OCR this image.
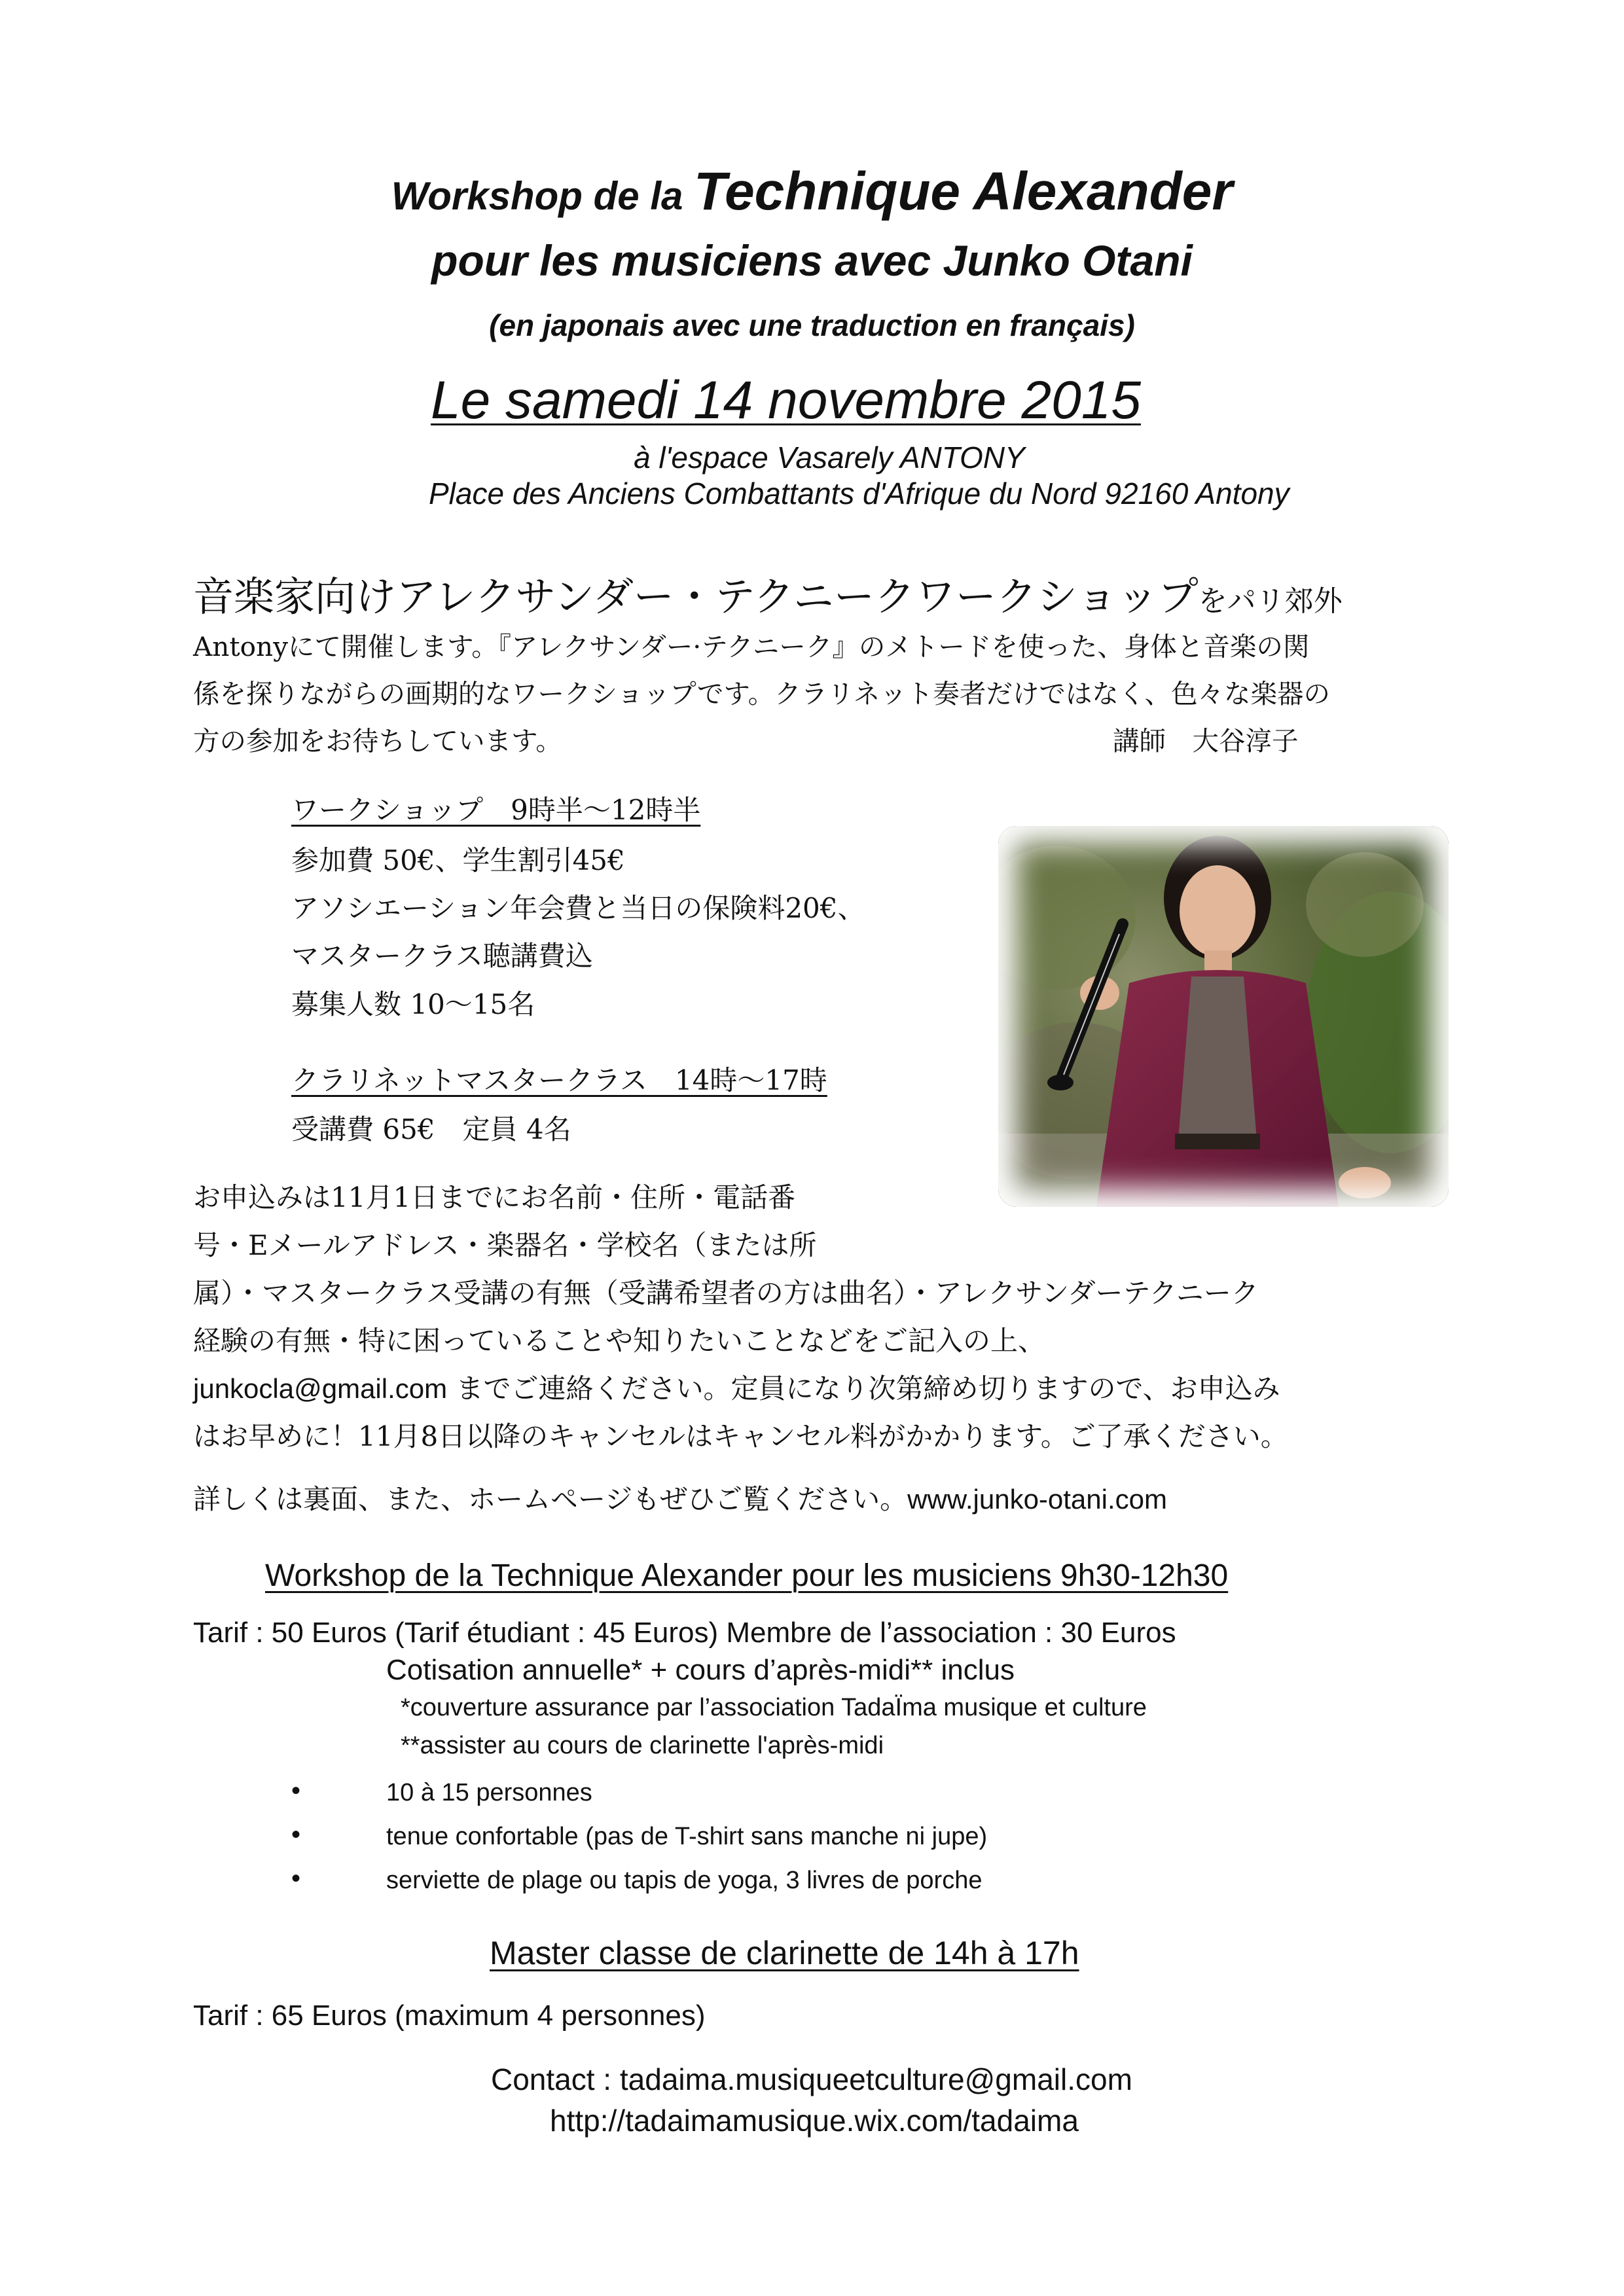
Workshop de la Technique Alexander
pour les musiciens avec Junko Otani
(en japonais avec une traduction en français)
Le samedi 14 novembre 2015
à l'espace Vasarely ANTONY
Place des Anciens Combattants d'Afrique du Nord 92160 Antony
音楽家向けアレクサンダー・テクニークワークショップをパリ郊外
Antonyにて開催します。『アレクサンダー·テクニーク』のメトードを使った、身体と音楽の関
係を探りながらの画期的なワークショップです。クラリネット奏者だけではなく、色々な楽器の
方の参加をお待ちしています。	講師　大谷淳子
ワークショップ　9時半〜12時半
参加費 50€、学生割引45€
アソシエーション年会費と当日の保険料20€、
マスタークラス聴講費込
募集人数 10〜15名
クラリネットマスタークラス　14時〜17時
受講費 65€　定員 4名
お申込みは11月1日までにお名前・住所・電話番
号・Eメールアドレス・楽器名・学校名（または所
属）・マスタークラス受講の有無（受講希望者の方は曲名）・アレクサンダーテクニーク
経験の有無・特に困っていることや知りたいことなどをご記入の上、
junkocla@gmail.com までご連絡ください。定員になり次第締め切りますので、お申込み
はお早めに！11月8日以降のキャンセルはキャンセル料がかかります。ご了承ください。
詳しくは裏面、また、ホームページもぜひご覧ください。www.junko-otani.com
Workshop de la Technique Alexander pour les musiciens 9h30-12h30
Tarif : 50 Euros (Tarif étudiant : 45 Euros) Membre de l’association : 30 Euros
Cotisation annuelle* + cours d’après-midi** inclus
*couverture assurance par l’association TadaÏma musique et culture
**assister au cours de clarinette l'après-midi
•	10 à 15 personnes
•	tenue confortable (pas de T-shirt sans manche ni jupe)
•	serviette de plage ou tapis de yoga, 3 livres de porche
Master classe de clarinette de 14h à 17h
Tarif : 65 Euros (maximum 4 personnes)
Contact : tadaima.musiqueetculture@gmail.com
http://tadaimamusique.wix.com/tadaima
